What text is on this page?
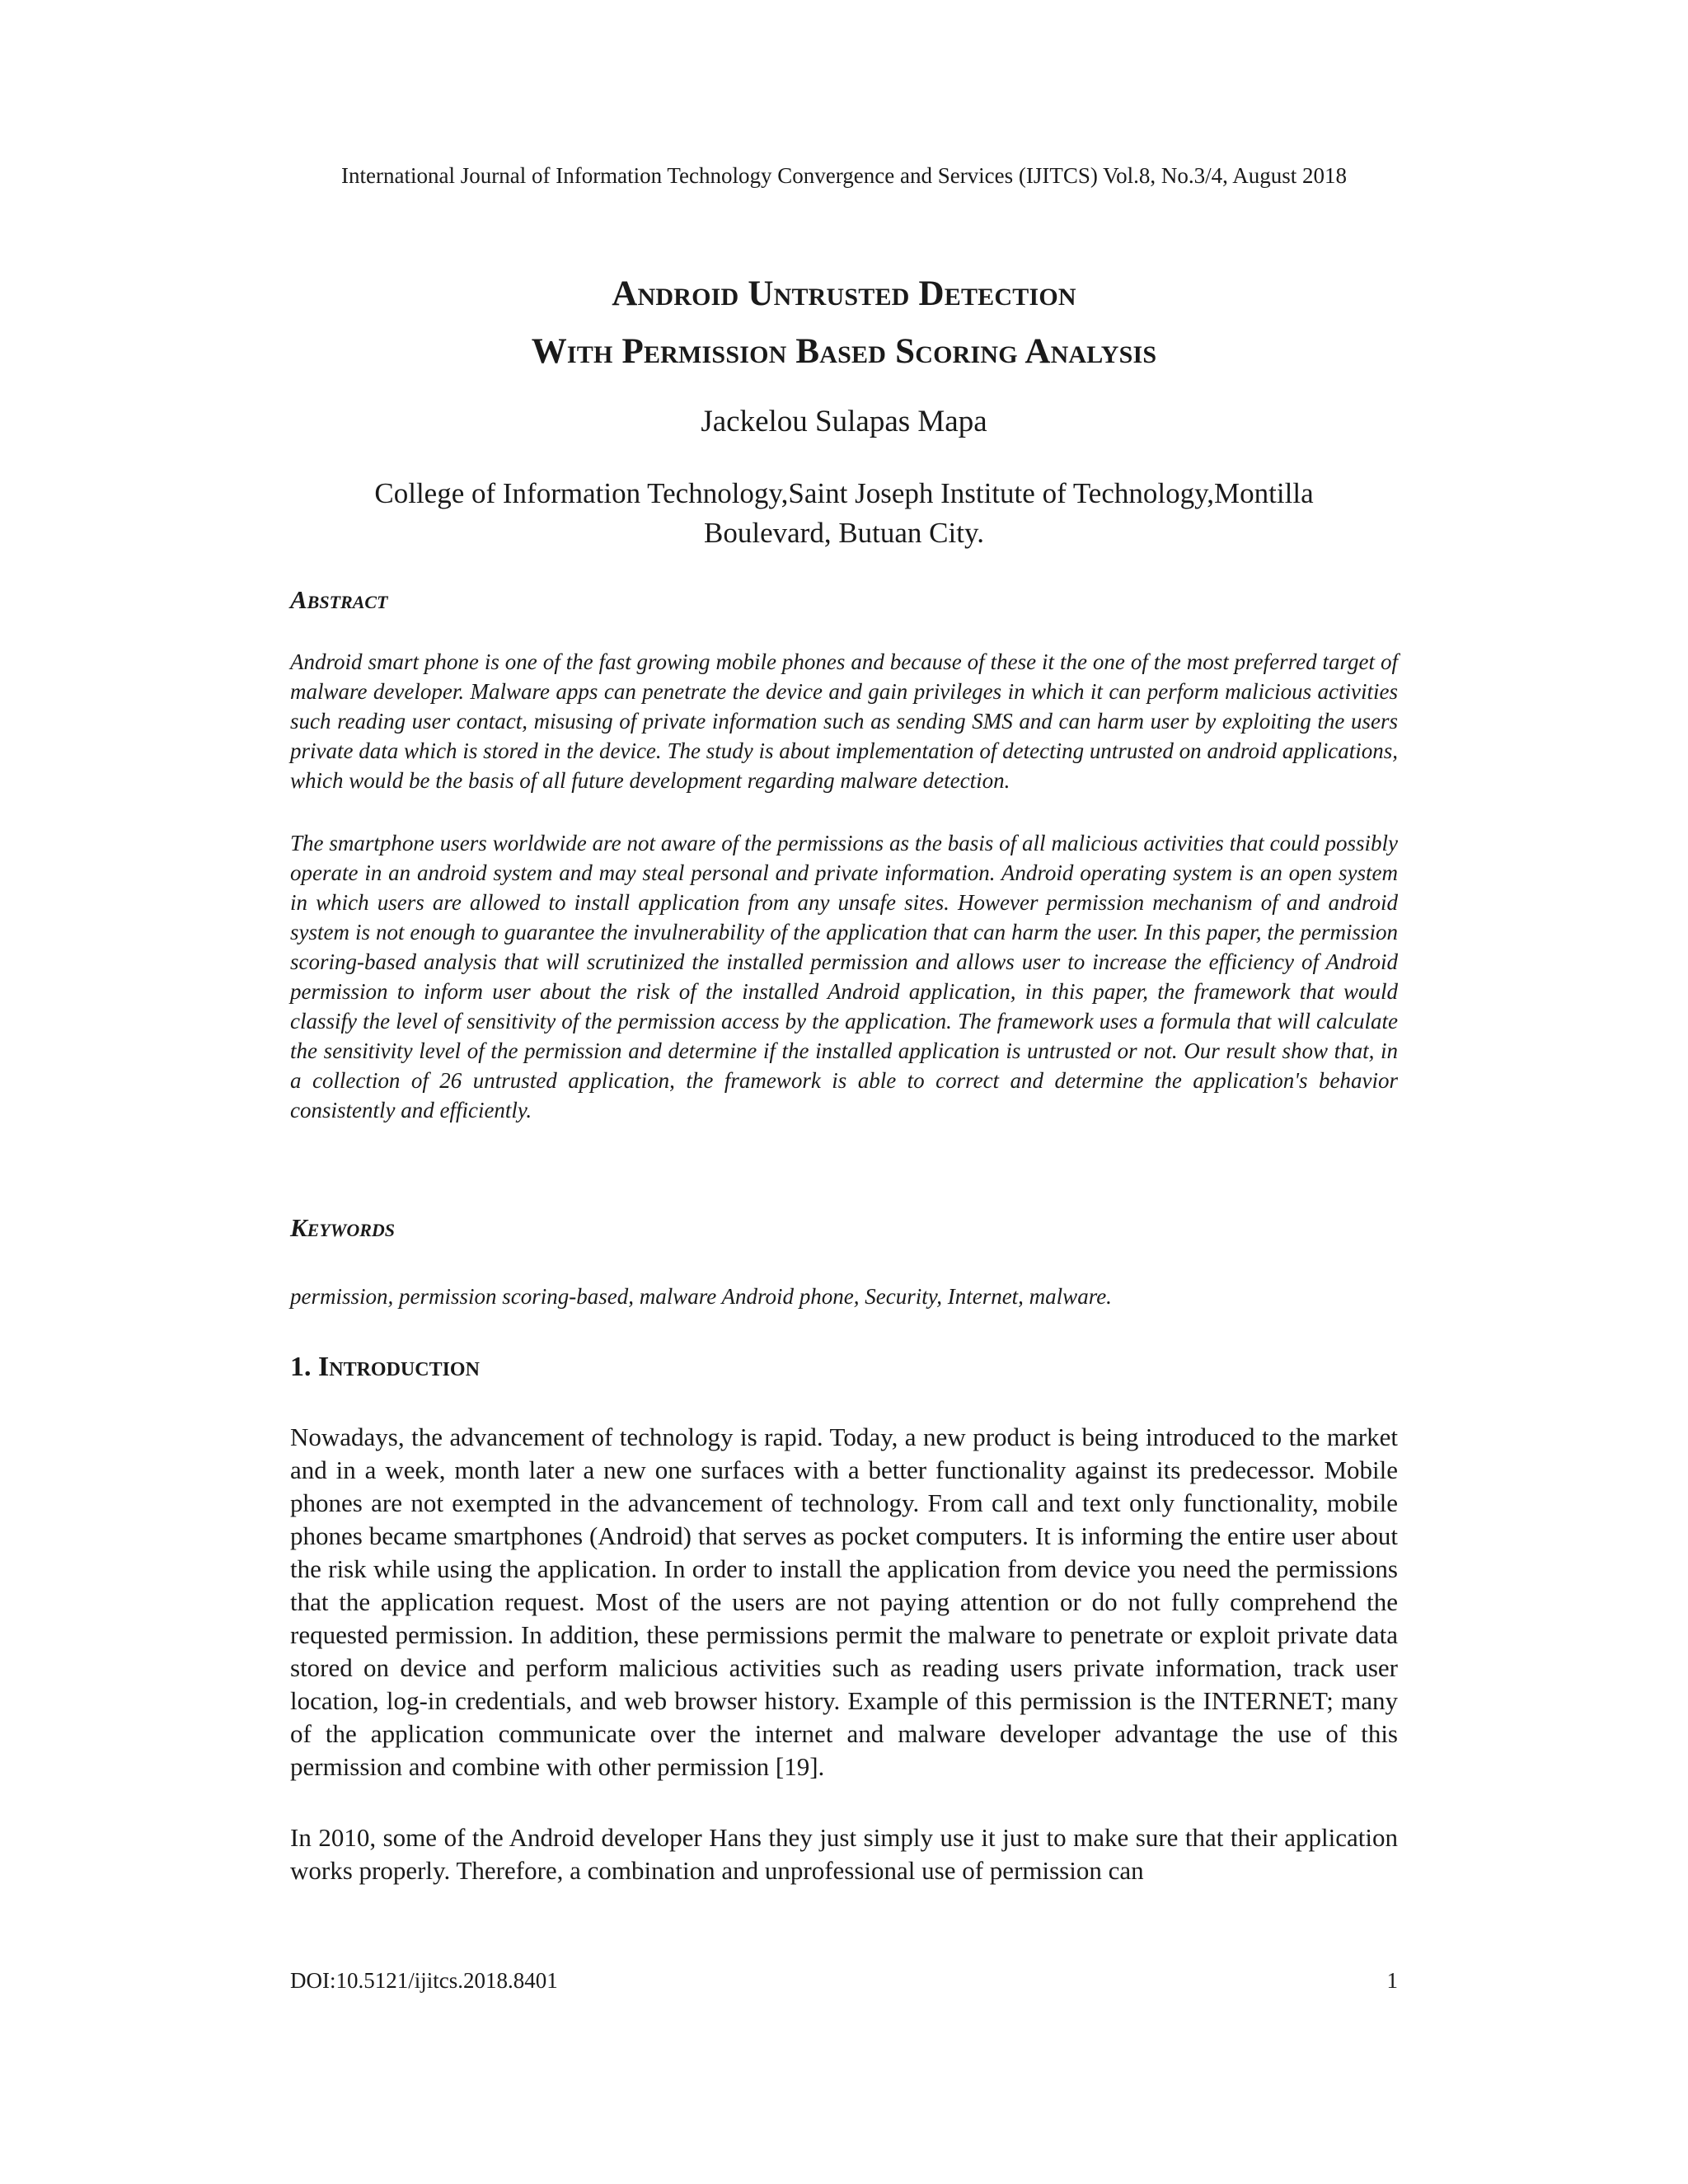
International Journal of Information Technology Convergence and Services (IJITCS) Vol.8, No.3/4, August 2018
Android Untrusted Detection
With Permission Based Scoring Analysis
Jackelou Sulapas Mapa
College of Information Technology,Saint Joseph Institute of Technology,Montilla Boulevard, Butuan City.
Abstract

Android smart phone is one of the fast growing mobile phones and because of these it the one of the most preferred target of malware developer. Malware apps can penetrate the device and gain privileges in which it can perform malicious activities such reading user contact, misusing of private information such as sending SMS and can harm user by exploiting the users private data which is stored in the device. The study is about implementation of detecting untrusted on android applications, which would be the basis of all future development regarding malware detection.

The smartphone users worldwide are not aware of the permissions as the basis of all malicious activities that could possibly operate in an android system and may steal personal and private information. Android operating system is an open system in which users are allowed to install application from any unsafe sites. However permission mechanism of and android system is not enough to guarantee the invulnerability of the application that can harm the user. In this paper, the permission scoring-based analysis that will scrutinized the installed permission and allows user to increase the efficiency of Android permission to inform user about the risk of the installed Android application, in this paper, the framework that would classify the level of sensitivity of the permission access by the application. The framework uses a formula that will calculate the sensitivity level of the permission and determine if the installed application is untrusted or not. Our result show that, in a collection of 26 untrusted application, the framework is able to correct and determine the application's behavior consistently and efficiently.

Keywords
permission, permission scoring-based, malware Android phone, Security, Internet, malware.
1. Introduction

Nowadays, the advancement of technology is rapid. Today, a new product is being introduced to the market and in a week, month later a new one surfaces with a better functionality against its predecessor. Mobile phones are not exempted in the advancement of technology. From call and text only functionality, mobile phones became smartphones (Android) that serves as pocket computers. It is informing the entire user about the risk while using the application. In order to install the application from device you need the permissions that the application request. Most of the users are not paying attention or do not fully comprehend the requested permission. In addition, these permissions permit the malware to penetrate or exploit private data stored on device and perform malicious activities such as reading users private information, track user location, log-in credentials, and web browser history. Example of this permission is the INTERNET; many of the application communicate over the internet and malware developer advantage the use of this permission and combine with other permission [19].

In 2010, some of the Android developer Hans they just simply use it just to make sure that their application works properly. Therefore, a combination and unprofessional use of permission can

DOI:10.5121/ijitcs.2018.8401	1
